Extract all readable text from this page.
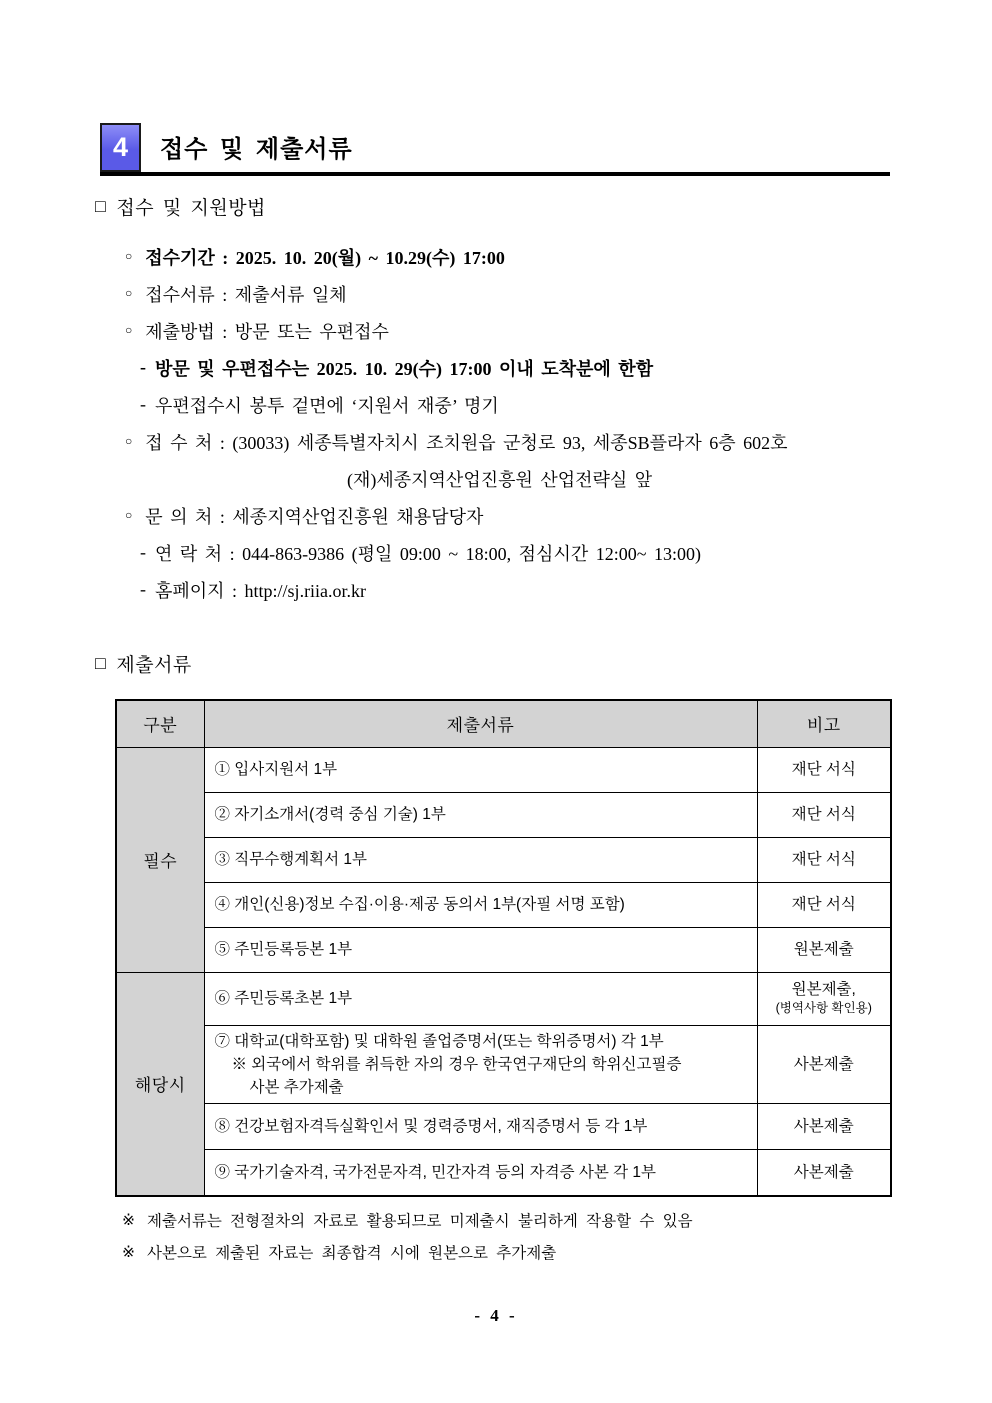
4 접수 및 제출서류
□ 접수 및 지원방법
○ 접수기간 : 2025. 10. 20(월) ~ 10.29(수) 17:00
○ 접수서류 : 제출서류 일체
○ 제출방법 : 방문 또는 우편접수
- 방문 및 우편접수는 2025. 10. 29(수) 17:00 이내 도착분에 한함
- 우편접수시 봉투 겉면에 ‘지원서 재중’ 명기
○ 접 수 처 : (30033) 세종특별자치시 조치원읍 군청로 93, 세종SB플라자 6층 602호
(재)세종지역산업진흥원 산업전략실 앞
○ 문 의 처 : 세종지역산업진흥원 채용담당자
- 연 락 처 : 044-863-9386 (평일 09:00 ~ 18:00, 점심시간 12:00~ 13:00)
- 홈페이지 : http://sj.riia.or.kr
□ 제출서류
구분	제출서류	비고
필수	① 입사지원서 1부	재단 서식
	② 자기소개서(경력 중심 기술) 1부	재단 서식
	③ 직무수행계획서 1부	재단 서식
	④ 개인(신용)정보 수집·이용·제공 동의서 1부(자필 서명 포함)	재단 서식
	⑤ 주민등록등본 1부	원본제출
해당시	⑥ 주민등록초본 1부	원본제출,
(병역사항 확인용)

	⑦ 대학교(대학포함) 및 대학원 졸업증명서(또는 학위증명서) 각 1부
※ 외국에서 학위를 취득한 자의 경우 한국연구재단의 학위신고필증
사본 추가제출	사본제출
	⑧ 건강보험자격득실확인서 및 경력증명서, 재직증명서 등 각 1부	사본제출
	⑨ 국가기술자격, 국가전문자격, 민간자격 등의 자격증 사본 각 1부	사본제출
※ 제출서류는 전형절차의 자료로 활용되므로 미제출시 불리하게 작용할 수 있음
※ 사본으로 제출된 자료는 최종합격 시에 원본으로 추가제출
- 4 -
